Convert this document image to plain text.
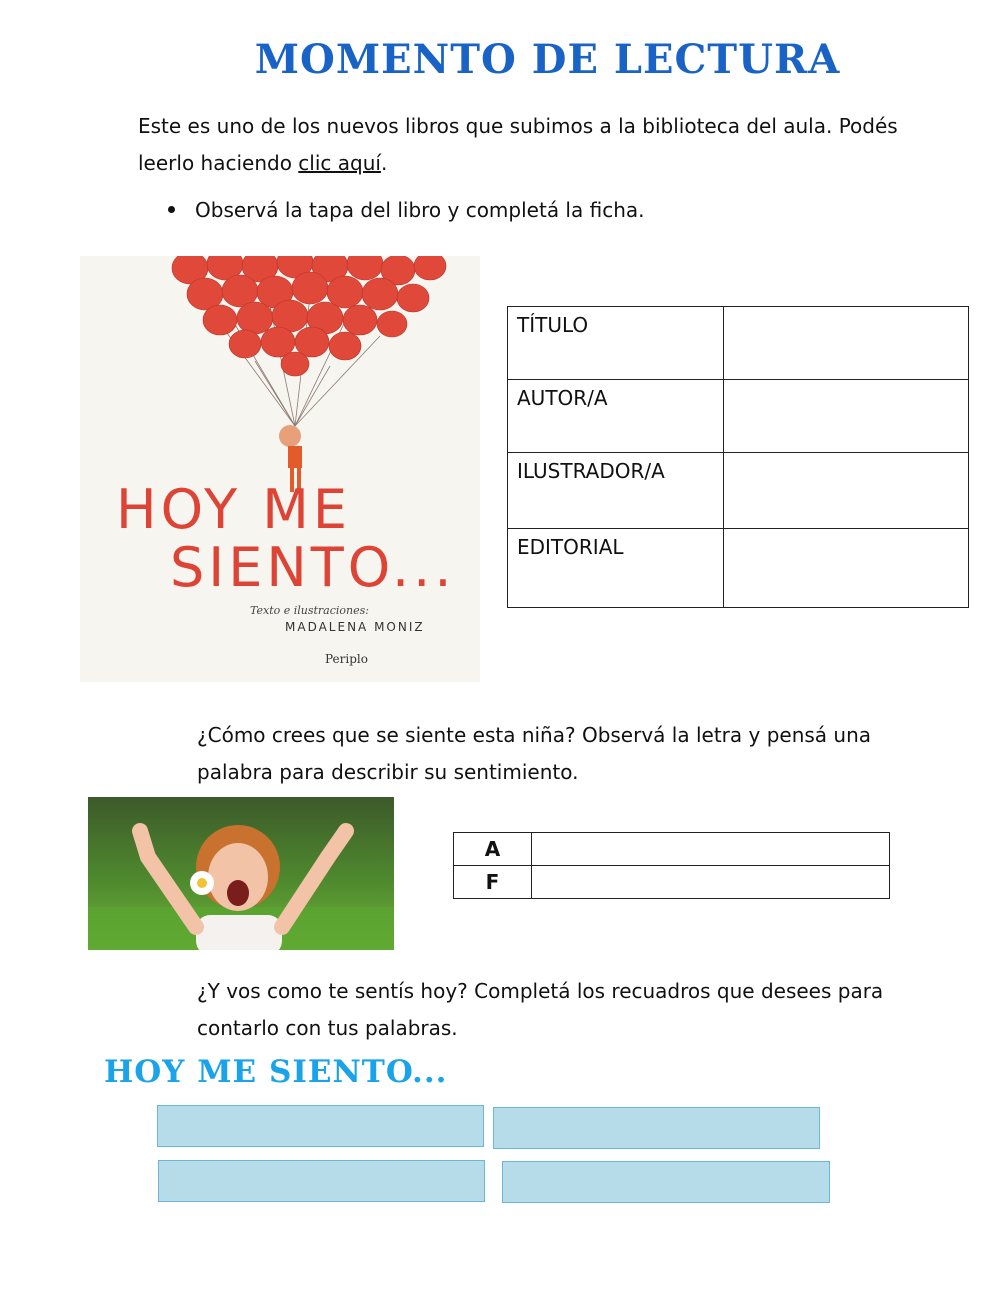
MOMENTO DE LECTURA
Este es uno de los nuevos libros que subimos a la biblioteca del aula. Podés leerlo haciendo clic aquí.
Observá la tapa del libro y completá la ficha.
HOY ME
SIENTO...
Texto e ilustraciones:
MADALENA MONIZ
Periplo
TÍTULO	
AUTOR/A	
ILUSTRADOR/A	
EDITORIAL	
¿Cómo crees que se siente esta niña? Observá la letra y pensá una palabra para describir su sentimiento.
A	
F	
¿Y vos como te sentís hoy? Completá los recuadros que desees para contarlo con tus palabras.
HOY ME SIENTO...
